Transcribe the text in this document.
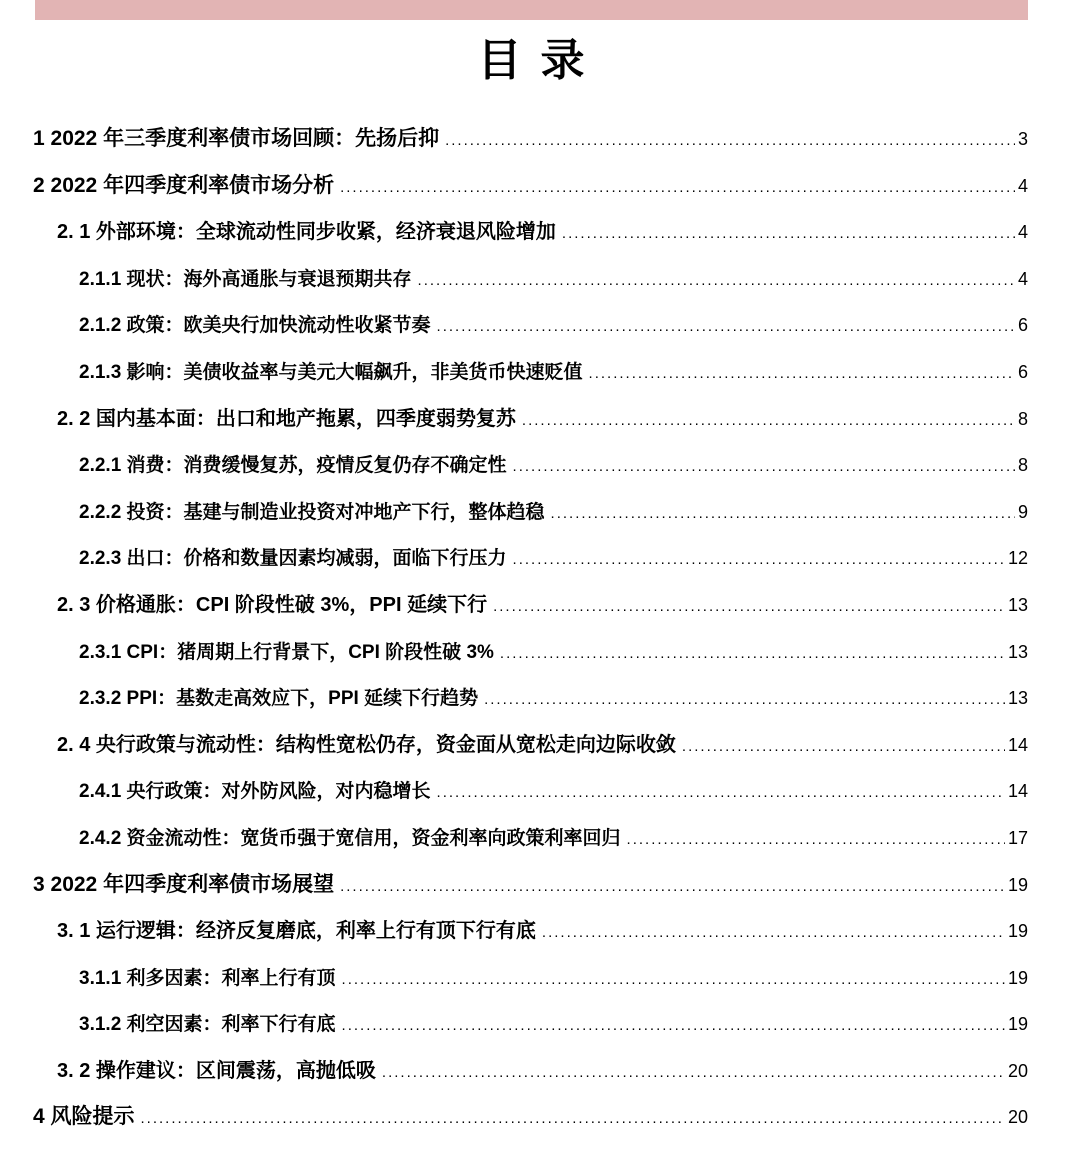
目 录
1 2022 年三季度利率债市场回顾：先扬后抑 .....	3
2 2022 年四季度利率债市场分析 .....	4
2. 1 外部环境：全球流动性同步收紧，经济衰退风险增加 .....	4
2.1.1 现状：海外高通胀与衰退预期共存 .....	4
2.1.2 政策：欧美央行加快流动性收紧节奏 .....	6
2.1.3 影响：美债收益率与美元大幅飙升，非美货币快速贬值 .....	6
2. 2 国内基本面：出口和地产拖累，四季度弱势复苏 .....	8
2.2.1 消费：消费缓慢复苏，疫情反复仍存不确定性 .....	8
2.2.2 投资：基建与制造业投资对冲地产下行，整体趋稳 .....	9
2.2.3 出口：价格和数量因素均减弱，面临下行压力 .....	12
2. 3 价格通胀：CPI 阶段性破 3%，PPI 延续下行 .....	13
2.3.1 CPI：猪周期上行背景下，CPI 阶段性破 3% .....	13
2.3.2 PPI：基数走高效应下，PPI 延续下行趋势 .....	13
2. 4 央行政策与流动性：结构性宽松仍存，资金面从宽松走向边际收敛 .....	14
2.4.1 央行政策：对外防风险，对内稳增长 .....	14
2.4.2 资金流动性：宽货币强于宽信用，资金利率向政策利率回归 .....	17
3 2022 年四季度利率债市场展望 .....	19
3. 1 运行逻辑：经济反复磨底，利率上行有顶下行有底 .....	19
3.1.1 利多因素：利率上行有顶 .....	19
3.1.2 利空因素：利率下行有底 .....	19
3. 2 操作建议：区间震荡，高抛低吸 .....	20
4 风险提示 .....	20
